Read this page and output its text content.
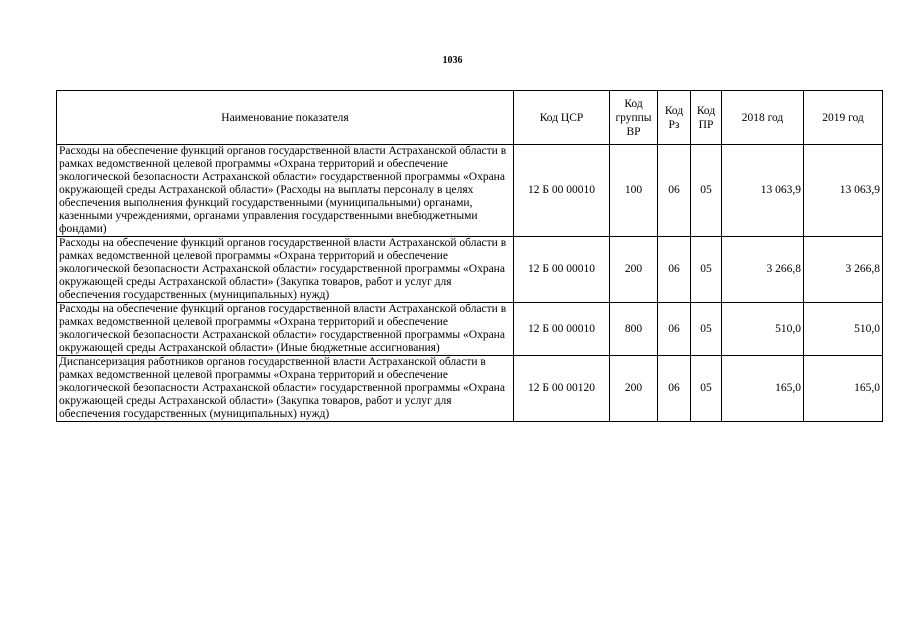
1036
Наименование показателя	Код ЦСР	Код группы ВР	Код Рз	Код ПР	2018 год	2019 год
Расходы на обеспечение функций органов государственной власти Астраханской области в рамках ведомственной целевой программы «Охрана территорий и обеспечение экологической безопасности Астраханской области» государственной программы «Охрана окружающей среды Астраханской области» (Расходы на выплаты персоналу в целях обеспечения выполнения функций государственными (муниципальными) органами, казенными учреждениями, органами управления государственными внебюджетными фондами)	12 Б 00 00010	100	06	05	13 063,9	13 063,9
Расходы на обеспечение функций органов государственной власти Астраханской области в рамках ведомственной целевой программы «Охрана территорий и обеспечение экологической безопасности Астраханской области» государственной программы «Охрана окружающей среды Астраханской области» (Закупка товаров, работ и услуг для обеспечения государственных (муниципальных) нужд)	12 Б 00 00010	200	06	05	3 266,8	3 266,8
Расходы на обеспечение функций органов государственной власти Астраханской области в рамках ведомственной целевой программы «Охрана территорий и обеспечение экологической безопасности Астраханской области» государственной программы «Охрана окружающей среды Астраханской области» (Иные бюджетные ассигнования)	12 Б 00 00010	800	06	05	510,0	510,0
Диспансеризация работников органов государственной власти Астраханской области в рамках ведомственной целевой программы «Охрана территорий и обеспечение экологической безопасности Астраханской области» государственной программы «Охрана окружающей среды Астраханской области» (Закупка товаров, работ и услуг для обеспечения государственных (муниципальных) нужд)	12 Б 00 00120	200	06	05	165,0	165,0
